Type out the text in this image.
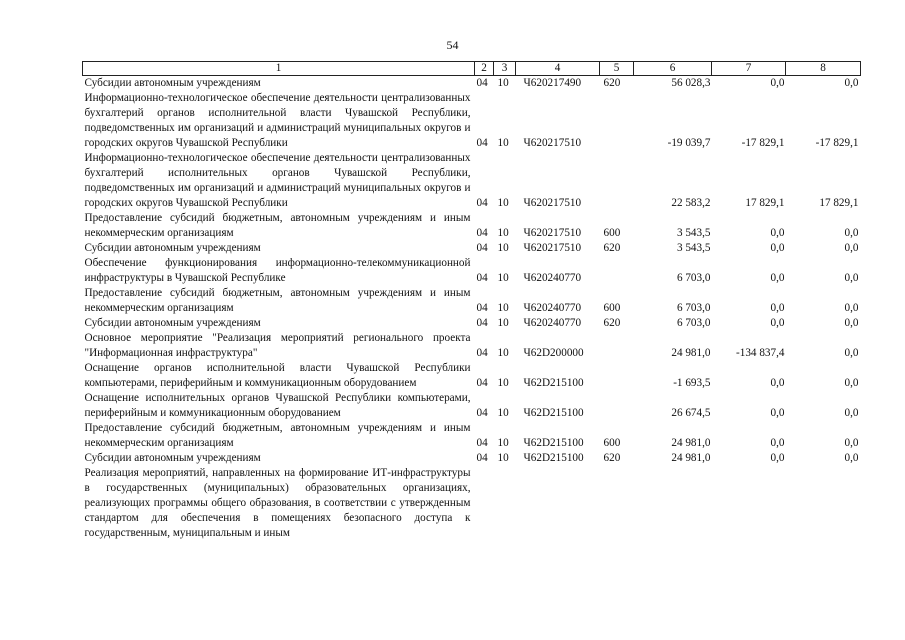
54
1	2	3	4	5	6	7	8
Субсидии автономным учреждениям	04	10	Ч620217490	620	56 028,3	0,0	0,0
Информационно-технологическое обеспечение деятельности централизованных бухгалтерий органов исполнительной власти Чувашской Республики, подведомственных им организаций и администраций муниципальных округов и городских округов Чувашской Республики	04	10	Ч620217510		-19 039,7	-17 829,1	-17 829,1
Информационно-технологическое обеспечение деятельности централизованных бухгалтерий исполнительных органов Чувашской Республики, подведомственных им организаций и администраций муниципальных округов и городских округов Чувашской Республики	04	10	Ч620217510		22 583,2	17 829,1	17 829,1
Предоставление субсидий бюджетным, автономным учреждениям и иным некоммерческим организациям	04	10	Ч620217510	600	3 543,5	0,0	0,0
Субсидии автономным учреждениям	04	10	Ч620217510	620	3 543,5	0,0	0,0
Обеспечение функционирования информационно-телекоммуникационной инфраструктуры в Чувашской Республике	04	10	Ч620240770		6 703,0	0,0	0,0
Предоставление субсидий бюджетным, автономным учреждениям и иным некоммерческим организациям	04	10	Ч620240770	600	6 703,0	0,0	0,0
Субсидии автономным учреждениям	04	10	Ч620240770	620	6 703,0	0,0	0,0
Основное мероприятие "Реализация мероприятий регионального проекта "Информационная инфраструктура"	04	10	Ч62D200000		24 981,0	-134 837,4	0,0
Оснащение органов исполнительной власти Чувашской Республики компьютерами, периферийным и коммуникационным оборудованием	04	10	Ч62D215100		-1 693,5	0,0	0,0
Оснащение исполнительных органов Чувашской Республики компьютерами, периферийным и коммуникационным оборудованием	04	10	Ч62D215100		26 674,5	0,0	0,0
Предоставление субсидий бюджетным, автономным учреждениям и иным некоммерческим организациям	04	10	Ч62D215100	600	24 981,0	0,0	0,0
Субсидии автономным учреждениям	04	10	Ч62D215100	620	24 981,0	0,0	0,0
Реализация мероприятий, направленных на формирование ИТ-инфраструктуры в государственных (муниципальных) образовательных организациях, реализующих программы общего образования, в соответствии с утвержденным стандартом для обеспечения в помещениях безопасного доступа к государственным, муниципальным и иным							
